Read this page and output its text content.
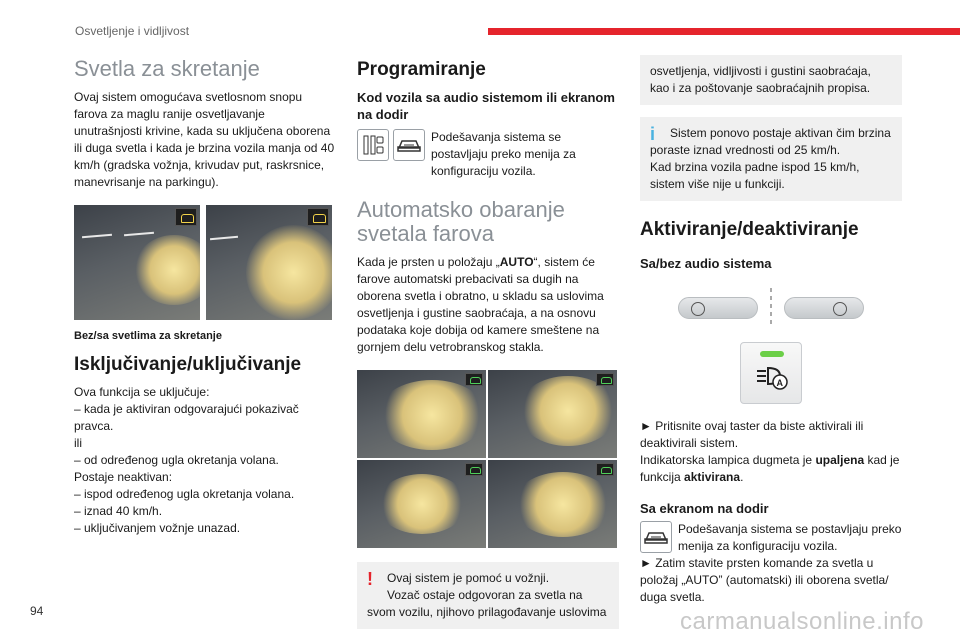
Osvetljenje i vidljivost
Svetla za skretanje

Ovaj sistem omogućava svetlosnom snopu farova za maglu ranije osvetljavanje unutrašnjosti krivine, kada su uključena oborena ili duga svetla i kada je brzina vozila manja od 40 km/h (gradska vožnja, krivudav put, raskrsnice, manevrisanje na parkingu).

Bez/sa svetlima za skretanje
Isključivanje/uključivanje

Ova funkcija se uključuje:

– kada je aktiviran odgovarajući pokazivač pravca.

ili

– od određenog ugla okretanja volana.

Postaje neaktivan:

– ispod određenog ugla okretanja volana.

– iznad 40 km/h.

– uključivanjem vožnje unazad.

Programiranje
Kod vozila sa audio sistemom ili ekranom na dodir

Podešavanja sistema se postavljaju preko menija za konfiguraciju vozila.

Automatsko obaranje svetala farova

Kada je prsten u položaju „AUTO“, sistem će farove automatski prebacivati sa dugih na oborena svetla i obratno, u skladu sa uslovima osvetljenja i gustine saobraćaja, a na osnovu podataka koje dobija od kamere smeštene na gornjem delu vetrobranskog stakla.

! Ovaj sistem je pomoć u vožnji.

Vozač ostaje odgovoran za svetla na svom vozilu, njihovo prilagođavanje uslovima

osvetljenja, vidljivosti i gustini saobraćaja, kao i za poštovanje saobraćajnih propisa.

i	Sistem ponovo postaje aktivan čim brzina poraste iznad vrednosti od 25 km/h.

Kad brzina vozila padne ispod 15 km/h, sistem više nije u funkciji.

Aktiviranje/deaktiviranje
Sa/bez audio sistema
A

► Pritisnite ovaj taster da biste aktivirali ili deaktivirali sistem.

Indikatorska lampica dugmeta je upaljena kad je funkcija aktivirana.

Sa ekranom na dodir

Podešavanja sistema se postavljaju preko menija za konfiguraciju vozila.

► Zatim stavite prsten komande za svetla u položaj „AUTO” (automatski) ili oborena svetla/ duga svetla.

94	carmanualsonline.info
